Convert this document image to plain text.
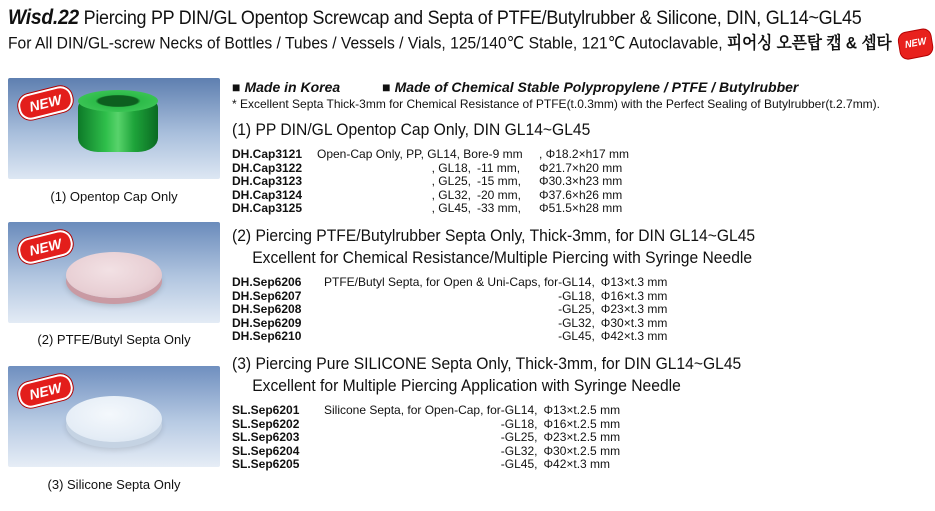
Wisd.22 Piercing PP DIN/GL Opentop Screwcap and Septa of PTFE/Butylrubber & Silicone, DIN, GL14~GL45
For All DIN/GL-screw Necks of Bottles / Tubes / Vessels / Vials, 125/140℃ Stable, 121℃ Autoclavable, 피어싱 오픈탑 캡 & 셉타 NEW
NEW
(1) Opentop Cap Only
NEW
(2) PTFE/Butyl Septa Only
NEW
(3) Silicone Septa Only
■ Made in Korea	■ Made of Chemical Stable Polypropylene / PTFE / Butylrubber
* Excellent Septa Thick-3mm for Chemical Resistance of PTFE(t.0.3mm) with the Perfect Sealing of Butylrubber(t.2.7mm).
(1) PP DIN/GL Opentop Cap Only, DIN GL14~GL45
DH.Cap3121	Open-Cap Only, PP, GL14, Bore-9 mm		, Φ18.2×h17 mm
DH.Cap3122	, GL18,	-11 mm,	Φ21.7×h20 mm
DH.Cap3123	, GL25,	-15 mm,	Φ30.3×h23 mm
DH.Cap3124	, GL32,	-20 mm,	Φ37.6×h26 mm
DH.Cap3125	, GL45,	-33 mm,	Φ51.5×h28 mm
(2) Piercing PTFE/Butylrubber Septa Only, Thick-3mm, for DIN GL14~GL45
Excellent for Chemical Resistance/Multiple Piercing with Syringe Needle
DH.Sep6206	PTFE/Butyl Septa, for Open & Uni-Caps, for-GL14,	Φ13×t.3 mm
DH.Sep6207	-GL18,	Φ16×t.3 mm
DH.Sep6208	-GL25,	Φ23×t.3 mm
DH.Sep6209	-GL32,	Φ30×t.3 mm
DH.Sep6210	-GL45,	Φ42×t.3 mm
(3) Piercing Pure SILICONE Septa Only, Thick-3mm, for DIN GL14~GL45
Excellent for Multiple Piercing Application with Syringe Needle
SL.Sep6201	Silicone Septa, for Open-Cap, for-GL14,	Φ13×t.2.5 mm
SL.Sep6202	-GL18,	Φ16×t.2.5 mm
SL.Sep6203	-GL25,	Φ23×t.2.5 mm
SL.Sep6204	-GL32,	Φ30×t.2.5 mm
SL.Sep6205	-GL45,	Φ42×t.3 mm
